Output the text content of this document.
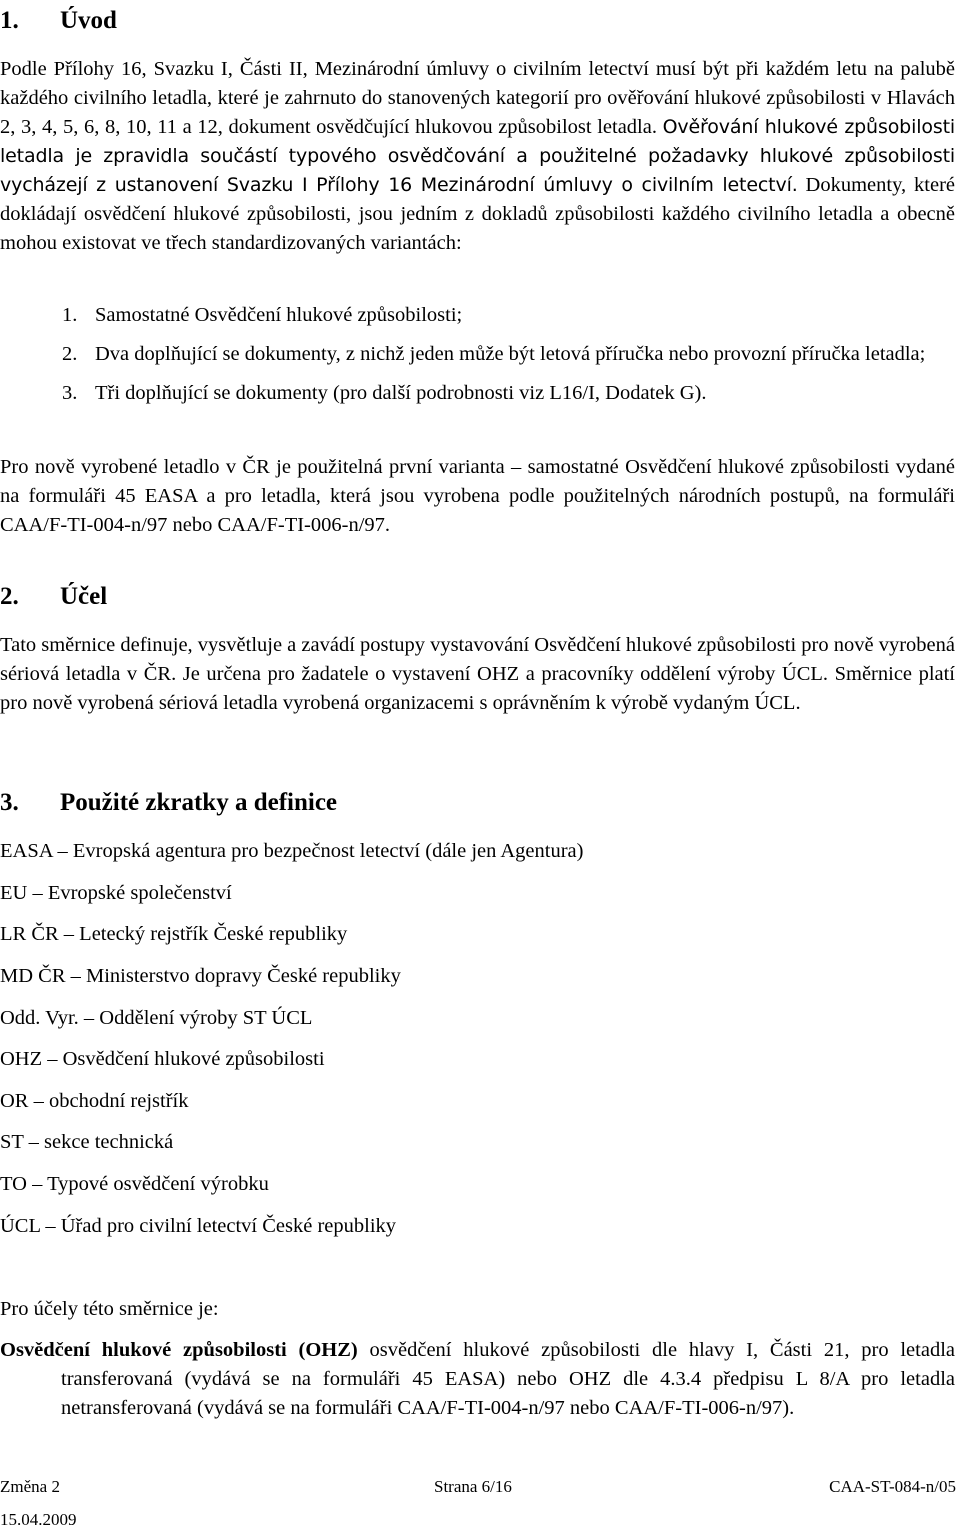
1. Úvod

Podle Přílohy 16, Svazku I, Části II, Mezinárodní úmluvy o civilním letectví musí být při každém letu na palubě každého civilního letadla, které je zahrnuto do stanovených kategorií pro ověřování hlukové způsobilosti v Hlavách 2, 3, 4, 5, 6, 8, 10, 11 a 12, dokument osvědčující hlukovou způsobilost letadla. Ověřování hlukové způsobilosti letadla je zpravidla součástí typového osvědčování a použitelné požadavky hlukové způsobilosti vycházejí z ustanovení Svazku I Přílohy 16 Mezinárodní úmluvy o civilním letectví. Dokumenty, které dokládají osvědčení hlukové způsobilosti, jsou jedním z dokladů způsobilosti každého civilního letadla a obecně mohou existovat ve třech standardizovaných variantách:

1. Samostatné Osvědčení hlukové způsobilosti;
2. Dva doplňující se dokumenty, z nichž jeden může být letová příručka nebo provozní příručka letadla;
3. Tři doplňující se dokumenty (pro další podrobnosti viz L16/I, Dodatek G).

Pro nově vyrobené letadlo v ČR je použitelná první varianta – samostatné Osvědčení hlukové způsobilosti vydané na formuláři 45 EASA a pro letadla, která jsou vyrobena podle použitelných národních postupů, na formuláři CAA/F-TI-004-n/97 nebo CAA/F-TI-006-n/97.

2. Účel

Tato směrnice definuje, vysvětluje a zavádí postupy vystavování Osvědčení hlukové způsobilosti pro nově vyrobená sériová letadla v ČR. Je určena pro žadatele o vystavení OHZ a pracovníky oddělení výroby ÚCL. Směrnice platí pro nově vyrobená sériová letadla vyrobená organizacemi s oprávněním k výrobě vydaným ÚCL.

3. Použité zkratky a definice

EASA – Evropská agentura pro bezpečnost letectví (dále jen Agentura)

EU – Evropské společenství

LR ČR – Letecký rejstřík České republiky

MD ČR – Ministerstvo dopravy České republiky

Odd. Vyr. – Oddělení výroby ST ÚCL

OHZ – Osvědčení hlukové způsobilosti

OR – obchodní rejstřík

ST – sekce technická

TO – Typové osvědčení výrobku

ÚCL – Úřad pro civilní letectví České republiky

Pro účely této směrnice je:

Osvědčení hlukové způsobilosti (OHZ) osvědčení hlukové způsobilosti dle hlavy I, Části 21, pro letadla transferovaná (vydává se na formuláři 45 EASA) nebo OHZ dle 4.3.4 předpisu L 8/A pro letadla netransferovaná (vydává se na formuláři CAA/F-TI-004-n/97 nebo CAA/F-TI-006-n/97).

Změna 2
15.04.2009
Strana 6/16	CAA-ST-084-n/05
